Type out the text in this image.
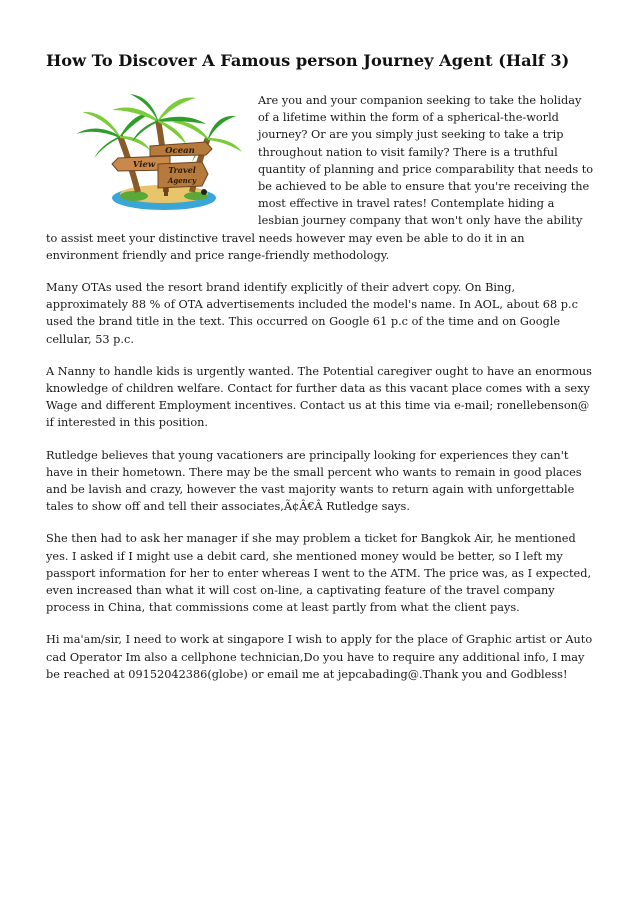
How To Discover A Famous person Journey Agent (Half 3)
Ocean
View Travel
Agency

Are you and your companion seeking to take the holiday of a lifetime within the form of a spherical-the-world journey? Or are you simply just seeking to take a trip throughout nation to visit family? There is a truthful quantity of planning and price comparability that needs to be achieved to be able to ensure that you're receiving the most effective in travel rates! Contemplate hiding a lesbian journey company that won't only have the ability to assist meet your distinctive travel needs however may even be able to do it in an environment friendly and price range-friendly methodology.

Many OTAs used the resort brand identify explicitly of their advert copy. On Bing, approximately 88 % of OTA advertisements included the model's name. In AOL, about 68 p.c used the brand title in the text. This occurred on Google 61 p.c of the time and on Google cellular, 53 p.c.

A Nanny to handle kids is urgently wanted. The Potential caregiver ought to have an enormous knowledge of children welfare. Contact for further data as this vacant place comes with a sexy Wage and different Employment incentives. Contact us at this time via e-mail; ronellebenson@ if interested in this position.

Rutledge believes that young vacationers are principally looking for experiences they can't have in their hometown. There may be the small percent who wants to remain in good places and be lavish and crazy, however the vast majority wants to return again with unforgettable tales to show off and tell their associates,Ã¢Â€Â Rutledge says.

She then had to ask her manager if she may problem a ticket for Bangkok Air, he mentioned yes. I asked if I might use a debit card, she mentioned money would be better, so I left my passport information for her to enter whereas I went to the ATM. The price was, as I expected, even increased than what it will cost on-line, a captivating feature of the travel company process in China, that commissions come at least partly from what the client pays.

Hi ma'am/sir, I need to work at singapore I wish to apply for the place of Graphic artist or Auto cad Operator Im also a cellphone technician,Do you have to require any additional info, I may be reached at 09152042386(globe) or email me at jepcabading@.Thank you and Godbless!
